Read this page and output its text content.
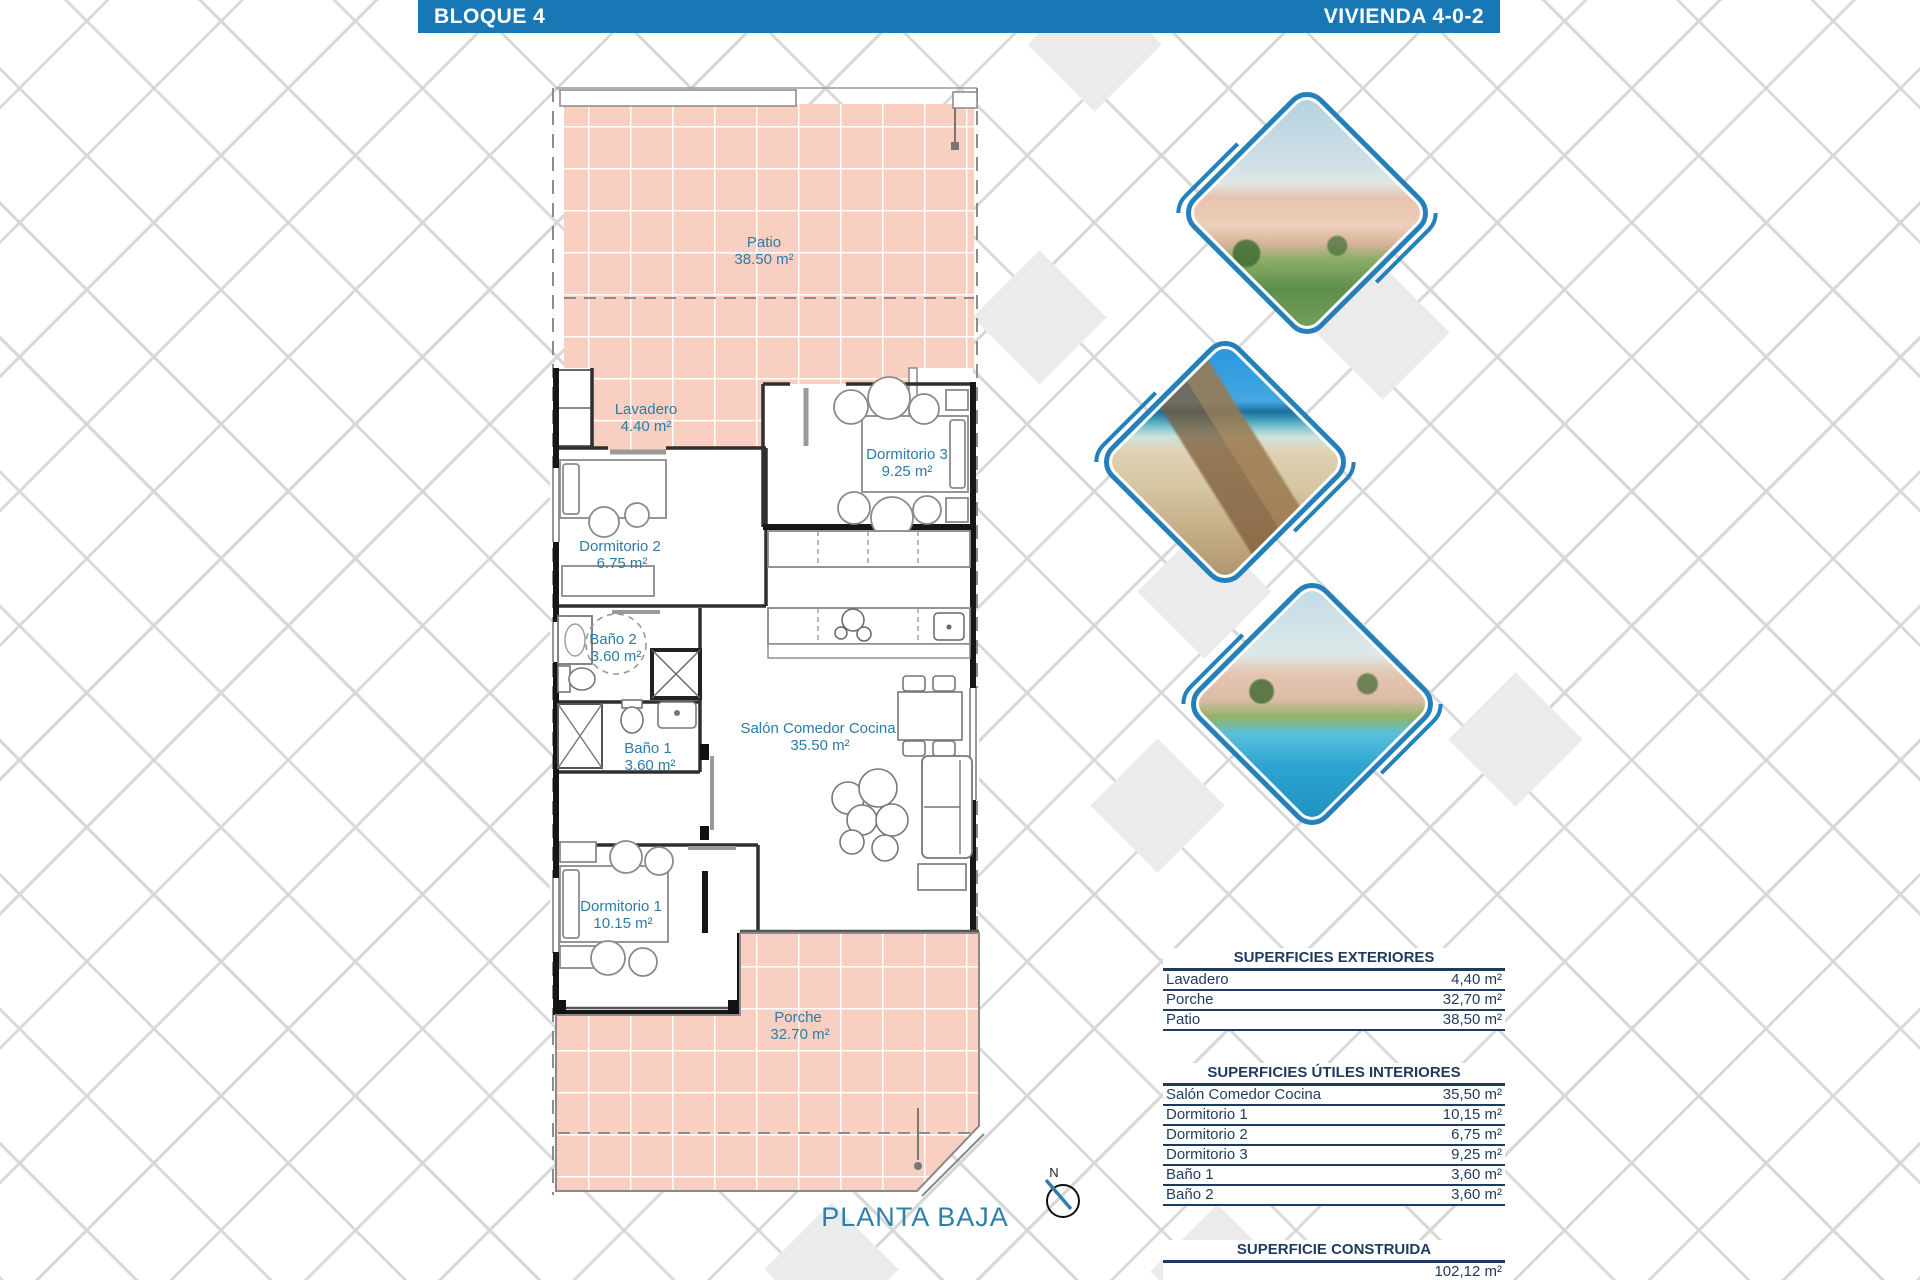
BLOQUE 4	VIVIENDA 4-0-2
Patio
38.50 m²
Lavadero
4.40 m²
Dormitorio 3
9.25 m²
Dormitorio 2
6.75 m²
Baño 2
3.60 m²
Baño 1
3.60 m²
Salón Comedor Cocina
35.50 m²
Dormitorio 1
10.15 m²
Porche
32.70 m²
N
PLANTA BAJA
SUPERFICIES EXTERIORES
Lavadero	4,40 m²
Porche	32,70 m²
Patio	38,50 m²
SUPERFICIES ÚTILES INTERIORES
Salón Comedor Cocina	35,50 m²
Dormitorio 1	10,15 m²
Dormitorio 2	6,75 m²
Dormitorio 3	9,25 m²
Baño 1	3,60 m²
Baño 2	3,60 m²
SUPERFICIE CONSTRUIDA
102,12 m²
